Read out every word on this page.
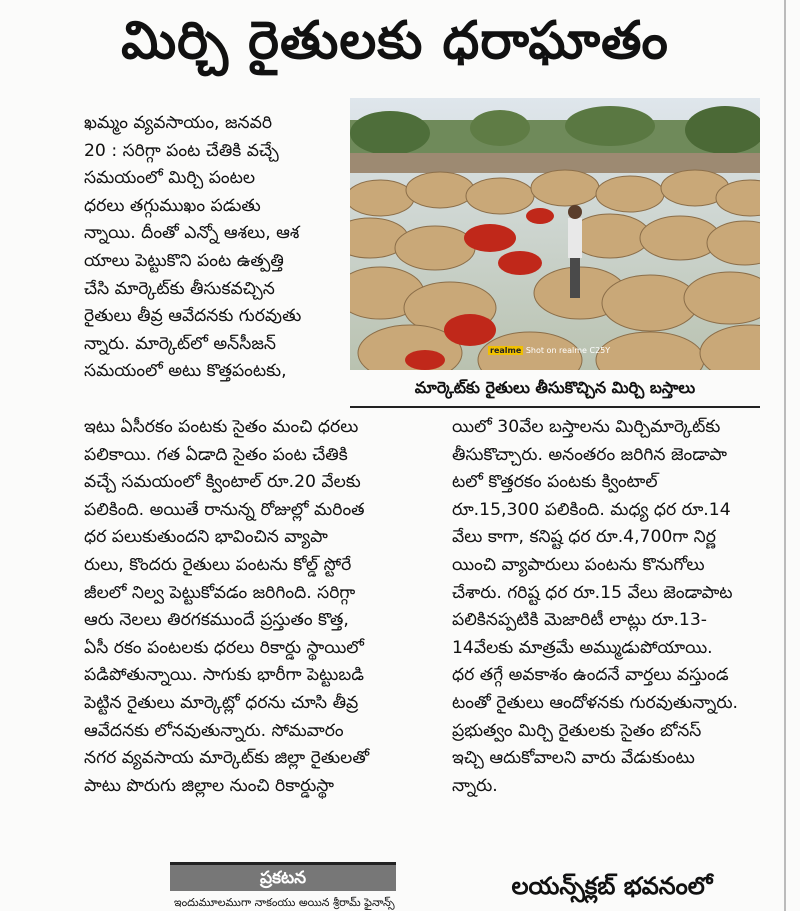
మిర్చి రైతులకు ధరాఘాతం
ఖమ్మం వ్యవసాయం, జనవరి
20 : సరిగ్గా పంట చేతికి వచ్చే
సమయంలో మిర్చి పంటల
ధరలు తగ్గుముఖం పడుతు
న్నాయి. దీంతో ఎన్నో ఆశలు, ఆశ
యాలు పెట్టుకొని పంట ఉత్పత్తి
చేసి మార్కెట్‌కు తీసుకవచ్చిన
రైతులు తీవ్ర ఆవేదనకు గురవుతు
న్నారు. మార్కెట్‌లో అన్‌సీజన్
సమయంలో అటు కొత్తపంటకు,
realme Shot on realme C25Y
మార్కెట్‌కు రైతులు తీసుకొచ్చిన మిర్చి బస్తాలు
ఇటు ఏసీరకం పంటకు సైతం మంచి ధరలు
పలికాయి. గత ఏడాది సైతం పంట చేతికి
వచ్చే సమయంలో క్వింటాల్ రూ.20 వేలకు
పలికింది. అయితే రానున్న రోజుల్లో మరింత
ధర పలుకుతుందని భావించిన వ్యాపా
రులు, కొందరు రైతులు పంటను కోల్డ్ స్టోరే
జీలలో నిల్వ పెట్టుకోవడం జరిగింది. సరిగ్గా
ఆరు నెలలు తిరగకముందే ప్రస్తుతం కొత్త,
ఏసీ రకం పంటలకు ధరలు రికార్డు స్థాయిలో
పడిపోతున్నాయి. సాగుకు భారీగా పెట్టుబడి
పెట్టిన రైతులు మార్కెట్లో ధరను చూసి తీవ్ర
ఆవేదనకు లోనవుతున్నారు. సోమవారం
నగర వ్యవసాయ మార్కెట్‌కు జిల్లా రైతులతో
పాటు పొరుగు జిల్లాల నుంచి రికార్డుస్థా
యిలో 30వేల బస్తాలను మిర్చిమార్కెట్‌కు
తీసుకొచ్చారు. అనంతరం జరిగిన జెండాపా
టలో కొత్తరకం పంటకు క్వింటాల్
రూ.15,300 పలికింది. మధ్య ధర రూ.14
వేలు కాగా, కనిష్ట ధర రూ.4,700గా నిర్ణ
యించి వ్యాపారులు పంటను కొనుగోలు
చేశారు. గరిష్ట ధర రూ.15 వేలు జెండాపాట
పలికినప్పటికి మెజారిటీ లాట్లు రూ.13-
14వేలకు మాత్రమే అమ్ముడుపోయాయి.
ధర తగ్గే అవకాశం ఉందనే వార్తలు వస్తుండ
టంతో రైతులు ఆందోళనకు గురవుతున్నారు.
ప్రభుత్వం మిర్చి రైతులకు సైతం బోనస్
ఇచ్చి ఆదుకోవాలని వారు వేడుకుంటు
న్నారు.
ప్రకటన
ఇందుమూలముగా నాకంయు అయిన శ్రీరామ్ ఫైనాన్స్
లయన్స్‌క్లబ్ భవనంలో
